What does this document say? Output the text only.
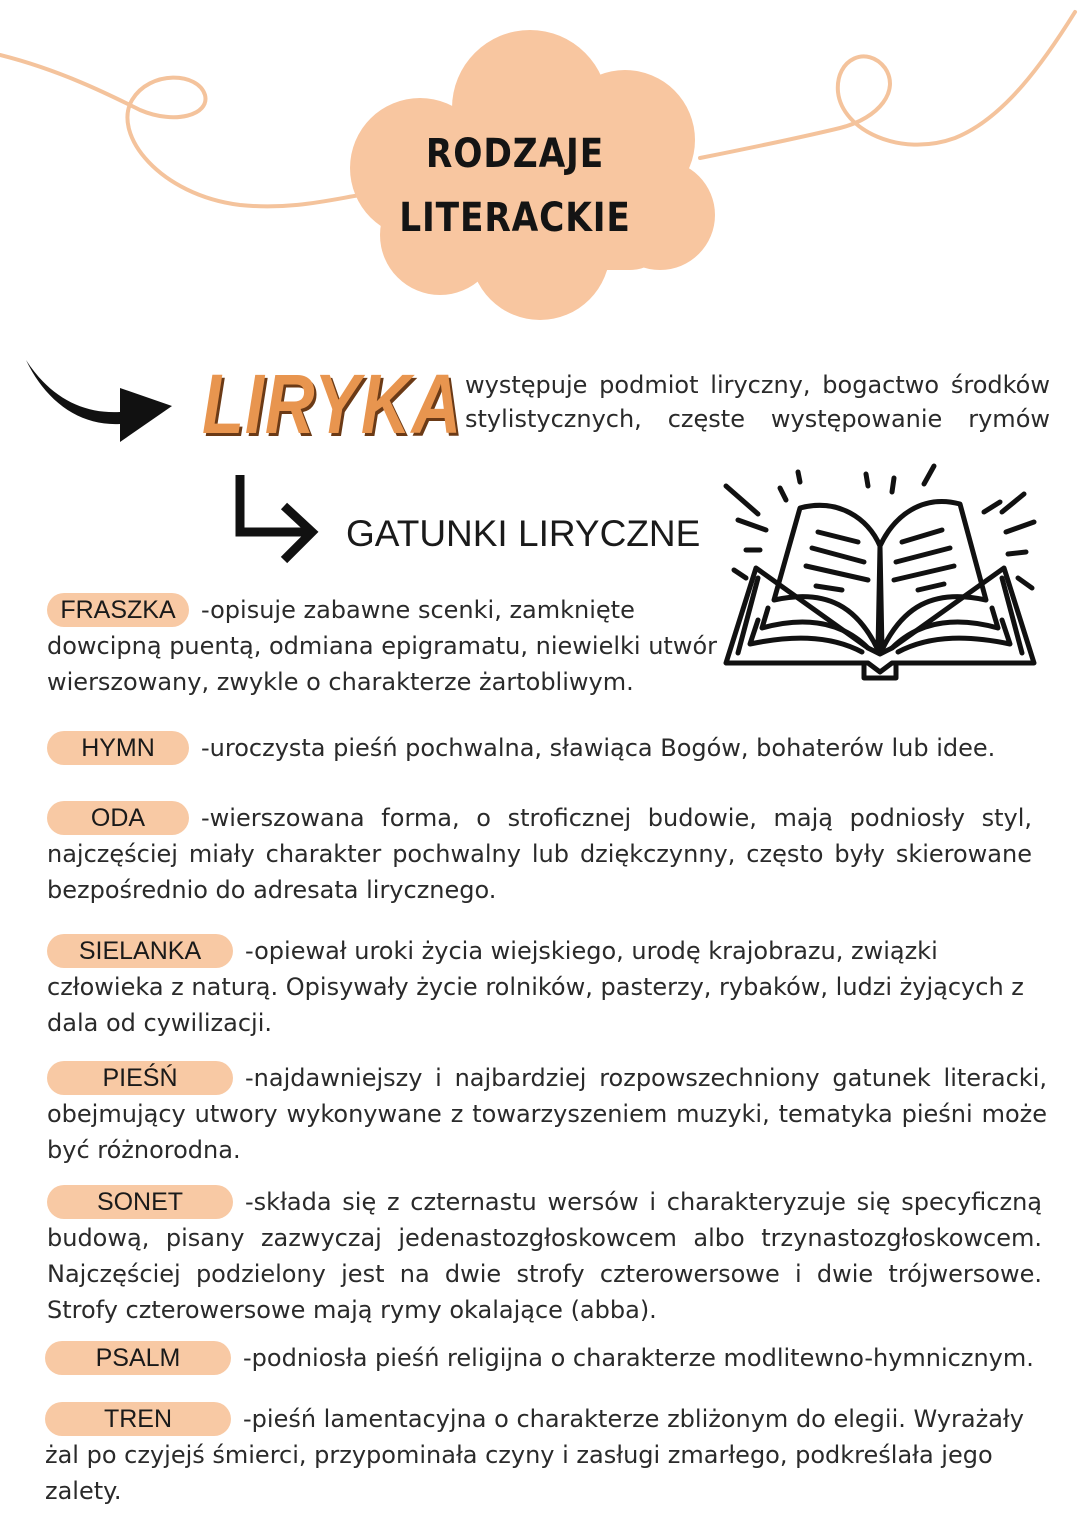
RODZAJE
LITERACKIE
LIRYKA występuje podmiot liryczny, bogactwo środków stylistycznych, częste występowanie rymów
GATUNKI LIRYCZNE
FRASZKA -opisuje zabawne scenki, zamknięte dowcipną puentą, odmiana epigramatu, niewielki utwór wierszowany, zwykle o charakterze żartobliwym.
HYMN -uroczysta pieśń pochwalna, sławiąca Bogów, bohaterów lub idee.
ODA -wierszowana forma, o stroficznej budowie, mają podniosły styl, najczęściej miały charakter pochwalny lub dziękczynny, często były skierowane bezpośrednio do adresata lirycznego.
SIELANKA -opiewał uroki życia wiejskiego, urodę krajobrazu, związki człowieka z naturą. Opisywały życie rolników, pasterzy, rybaków, ludzi żyjących z dala od cywilizacji.
PIEŚŃ	-najdawniejszy i najbardziej rozpowszechniony gatunek literacki, obejmujący utwory wykonywane z towarzyszeniem muzyki, tematyka pieśni może być różnorodna.
SONET	-składa się z czternastu wersów i charakteryzuje się specyficzną budową, pisany zazwyczaj jedenastozgłoskowcem albo trzynastozgłoskowcem. Najczęściej podzielony jest na dwie strofy czterowersowe i dwie trójwersowe. Strofy czterowersowe mają rymy okalające (abba).
PSALM	-podniosła pieśń religijna o charakterze modlitewno-hymnicznym.
TREN	-pieśń lamentacyjna o charakterze zbliżonym do elegii. Wyrażały żal po czyjejś śmierci, przypominała czyny i zasługi zmarłego, podkreślała jego zalety.
